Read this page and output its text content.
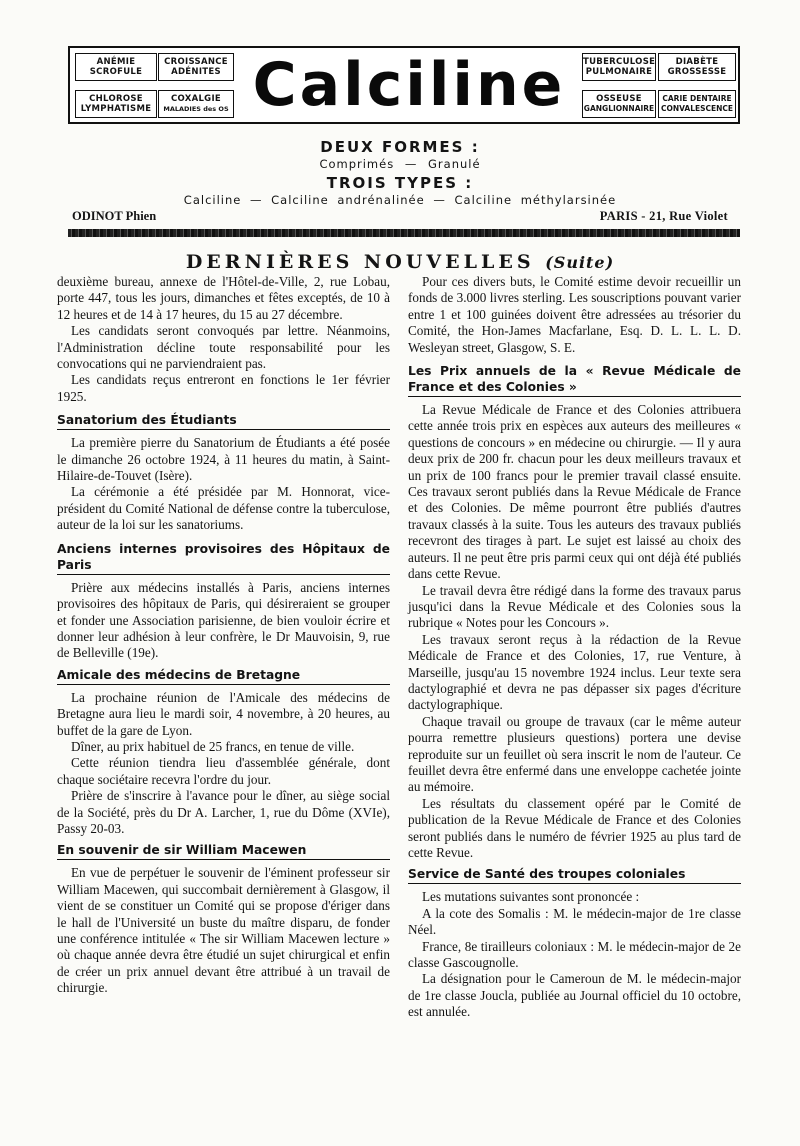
ANÉMIE
SCROFULE
CROISSANCE
ADÉNITES
CHLOROSE
LYMPHATISME
COXALGIE
MALADIES des OS Calciline	TUBERCULOSE
PULMONAIRE
DIABÈTE
GROSSESSE
OSSEUSE
GANGLIONNAIRE
CARIE DENTAIRE
CONVALESCENCE
DEUX FORMES :
Comprimés — Granulé
TROIS TYPES :
Calciline — Calciline andrénalinée — Calciline méthylarsinée
ODINOT Phien	PARIS - 21, Rue Violet
DERNIÈRES NOUVELLES (Suite)

deuxième bureau, annexe de l'Hôtel-de-Ville, 2, rue Lobau, porte 447, tous les jours, dimanches et fêtes exceptés, de 10 à 12 heures et de 14 à 17 heures, du 15 au 27 décembre.

Les candidats seront convoqués par lettre. Néanmoins, l'Administration décline toute responsabilité pour les convocations qui ne parviendraient pas.

Les candidats reçus entreront en fonctions le 1er février 1925.

Sanatorium des Étudiants

La première pierre du Sanatorium de Étudiants a été posée le dimanche 26 octobre 1924, à 11 heures du matin, à Saint-Hilaire-de-Touvet (Isère).

La cérémonie a été présidée par M. Honnorat, vice-président du Comité National de défense contre la tuberculose, auteur de la loi sur les sanatoriums.

Anciens internes provisoires des Hôpitaux de Paris

Prière aux médecins installés à Paris, anciens internes provisoires des hôpitaux de Paris, qui désireraient se grouper et fonder une Association parisienne, de bien vouloir écrire et donner leur adhésion à leur confrère, le Dr Mauvoisin, 9, rue de Belleville (19e).

Amicale des médecins de Bretagne

La prochaine réunion de l'Amicale des médecins de Bretagne aura lieu le mardi soir, 4 novembre, à 20 heures, au buffet de la gare de Lyon.

Dîner, au prix habituel de 25 francs, en tenue de ville.

Cette réunion tiendra lieu d'assemblée générale, dont chaque sociétaire recevra l'ordre du jour.

Prière de s'inscrire à l'avance pour le dîner, au siège social de la Société, près du Dr A. Larcher, 1, rue du Dôme (XVIe), Passy 20-03.

En souvenir de sir William Macewen

En vue de perpétuer le souvenir de l'éminent professeur sir William Macewen, qui succombait dernièrement à Glasgow, il vient de se constituer un Comité qui se propose d'ériger dans le hall de l'Université un buste du maître disparu, de fonder une conférence intitulée « The sir William Macewen lecture » où chaque année devra être étudié un sujet chirurgical et enfin de créer un prix annuel devant être attribué à un travail de chirurgie.

Pour ces divers buts, le Comité estime devoir recueillir un fonds de 3.000 livres sterling. Les souscriptions pouvant varier entre 1 et 100 guinées doivent être adressées au trésorier du Comité, the Hon-James Macfarlane, Esq. D. L. L. L. D. Wesleyan street, Glasgow, S. E.

Les Prix annuels de la « Revue Médicale de France et des Colonies »

La Revue Médicale de France et des Colonies attribuera cette année trois prix en espèces aux auteurs des meilleures « questions de concours » en médecine ou chirurgie. — Il y aura deux prix de 200 fr. chacun pour les deux meilleurs travaux et un prix de 100 francs pour le premier travail classé ensuite. Ces travaux seront publiés dans la Revue Médicale de France et des Colonies. De même pourront être publiés d'autres travaux classés à la suite. Tous les auteurs des travaux publiés recevront des tirages à part. Le sujet est laissé au choix des auteurs. Il ne peut être pris parmi ceux qui ont déjà été publiés dans cette Revue.

Le travail devra être rédigé dans la forme des travaux parus jusqu'ici dans la Revue Médicale et des Colonies sous la rubrique « Notes pour les Concours ».

Les travaux seront reçus à la rédaction de la Revue Médicale de France et des Colonies, 17, rue Venture, à Marseille, jusqu'au 15 novembre 1924 inclus. Leur texte sera dactylographié et devra ne pas dépasser six pages d'écriture dactylographique.

Chaque travail ou groupe de travaux (car le même auteur pourra remettre plusieurs questions) portera une devise reproduite sur un feuillet où sera inscrit le nom de l'auteur. Ce feuillet devra être enfermé dans une enveloppe cachetée jointe au mémoire.

Les résultats du classement opéré par le Comité de publication de la Revue Médicale de France et des Colonies seront publiés dans le numéro de février 1925 au plus tard de cette Revue.

Service de Santé des troupes coloniales

Les mutations suivantes sont prononcée :

A la cote des Somalis : M. le médecin-major de 1re classe Néel.

France, 8e tirailleurs coloniaux : M. le médecin-major de 2e classe Gascougnolle.

La désignation pour le Cameroun de M. le médecin-major de 1re classe Joucla, publiée au Journal officiel du 10 octobre, est annulée.
